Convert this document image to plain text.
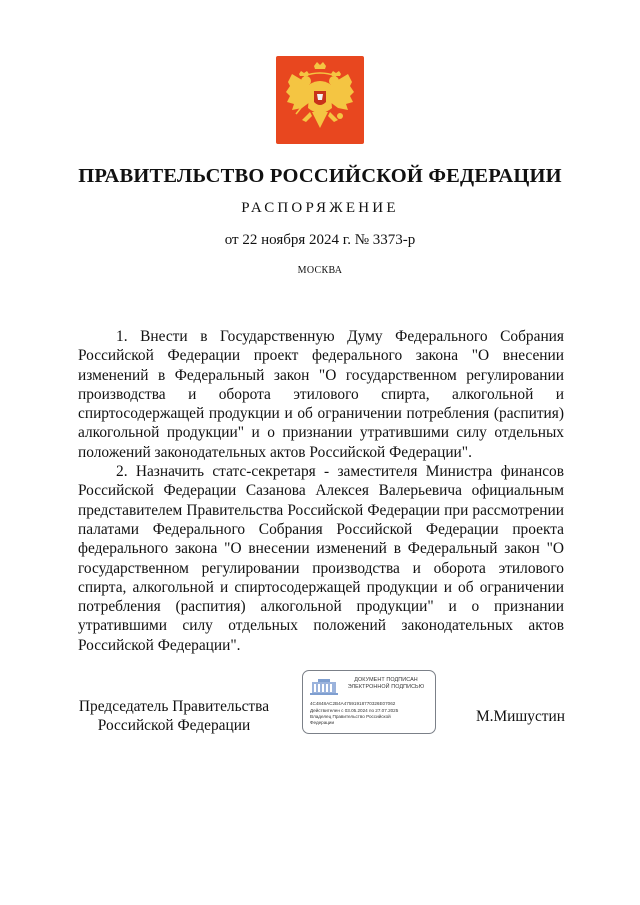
ПРАВИТЕЛЬСТВО РОССИЙСКОЙ ФЕДЕРАЦИИ
РАСПОРЯЖЕНИЕ
от 22 ноября 2024 г. № 3373-р
МОСКВА

1. Внести в Государственную Думу Федерального Собрания Российской Федерации проект федерального закона "О внесении изменений в Федеральный закон "О государственном регулировании производства и оборота этилового спирта, алкогольной и спиртосодержащей продукции и об ограничении потребления (распития) алкогольной продукции" и о признании утратившими силу отдельных положений законодательных актов Российской Федерации".

2. Назначить статс-секретаря - заместителя Министра финансов Российской Федерации Сазанова Алексея Валерьевича официальным представителем Правительства Российской Федерации при рассмотрении палатами Федерального Собрания Российской Федерации проекта федерального закона "О внесении изменений в Федеральный закон "О государственном регулировании производства и оборота этилового спирта, алкогольной и спиртосодержащей продукции и об ограничении потребления (распития) алкогольной продукции" и о признании утратившими силу отдельных положений законодательных актов Российской Федерации".

Председатель Правительства
Российской Федерации
ДОКУМЕНТ ПОДПИСАН
ЭЛЕКТРОННОЙ ПОДПИСЬЮ
4C4848AC2B4A47591918770326E07062
Действителен с 03.05.2024 по 27.07.2025
Владелец Правительство Российской
Федерации	М.Мишустин
